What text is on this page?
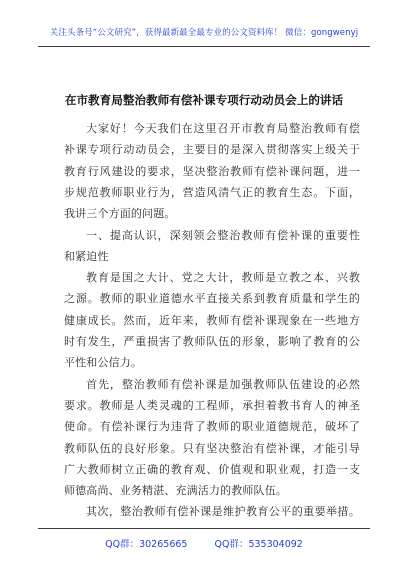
关注头条号“公文研究”，获得最新最全最专业的公文资料库！ 微信：gongwenyj
在市教育局整治教师有偿补课专项行动动员会上的讲话
大家好！今天我们在这里召开市教育局整治教师有偿
补课专项行动动员会，主要目的是深入贯彻落实上级关于
教育行风建设的要求，坚决整治教师有偿补课问题，进一
步规范教师职业行为，营造风清气正的教育生态。下面，
我讲三个方面的问题。
一、提高认识，深刻领会整治教师有偿补课的重要性
和紧迫性
教育是国之大计、党之大计，教师是立教之本、兴教
之源。教师的职业道德水平直接关系到教育质量和学生的
健康成长。然而，近年来，教师有偿补课现象在一些地方
时有发生，严重损害了教师队伍的形象，影响了教育的公
平性和公信力。
首先，整治教师有偿补课是加强教师队伍建设的必然
要求。教师是人类灵魂的工程师，承担着教书育人的神圣
使命。有偿补课行为违背了教师的职业道德规范，破坏了
教师队伍的良好形象。只有坚决整治有偿补课，才能引导
广大教师树立正确的教育观、价值观和职业观，打造一支
师德高尚、业务精湛、充满活力的教师队伍。
其次，整治教师有偿补课是维护教育公平的重要举措。
QQ群：30265665	QQ群：535304092
